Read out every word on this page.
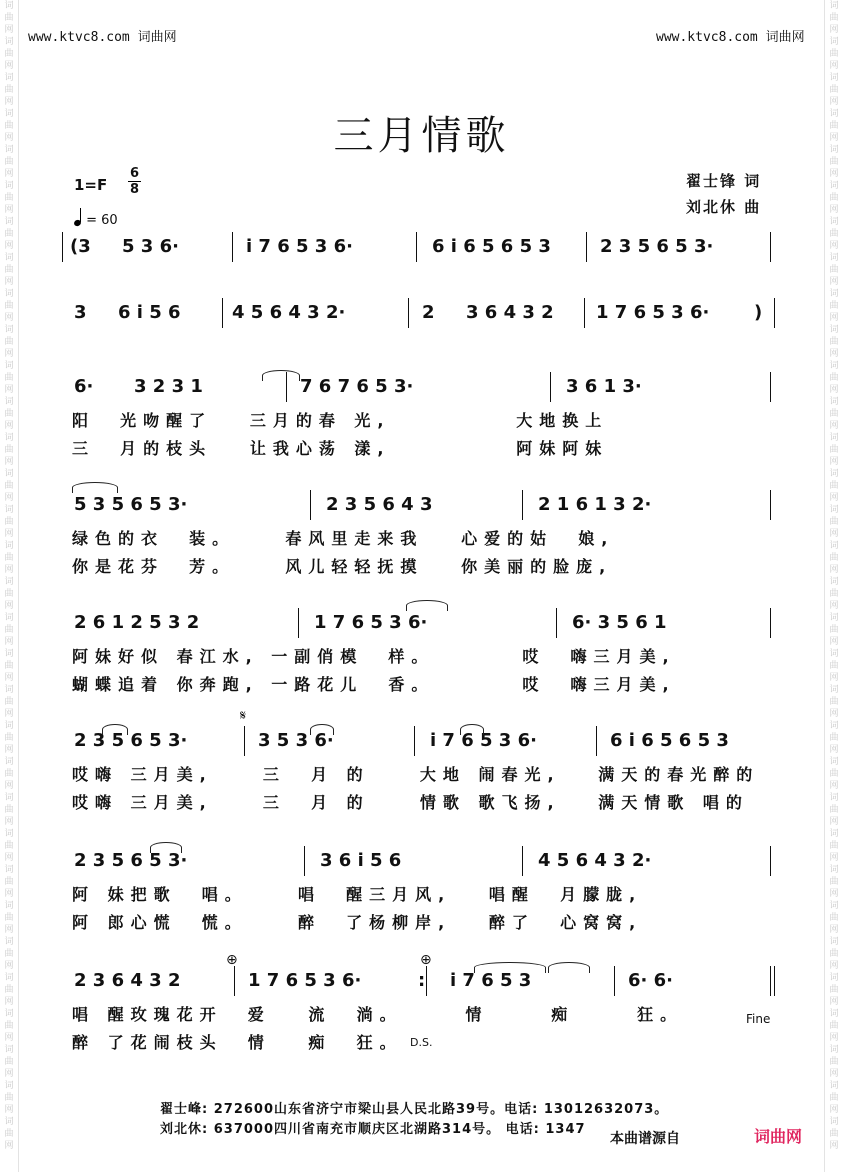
词
曲
网
词
曲
网
词
曲
网
词
曲
网
词
曲
网
词
曲
网
词
曲
网
词
曲
网
词
曲
网
词
曲
网
词
曲
网
词
曲
网
词
曲
网
词
曲
网
词
曲
网
词
曲
网
词
曲
网
词
曲
网
词
曲
网
词
曲
网
词
曲
网
词
曲
网
词
曲
网
词
曲
网
词
曲
网
词
曲
网
词
曲
网
词
曲
网
词
曲
网
词
曲
网
词
曲
网
词
曲
网
词
曲
网
词
曲
网
词
曲
网
词
曲
网
词
曲
网
词
曲
网
词
曲
网
词
曲
网
词
曲
网
词
曲
网
词
曲
网
词
曲
网
词
曲
网
词
曲
网
词
曲
网
词
曲
网
词
曲
网
词
曲
网
词
曲
网
词
曲
网
词
曲
网
词
曲
网
词
曲
网
词
曲
网
词
曲
网
词
曲
网
词
曲
网
词
曲
网
词
曲
网
词
曲
网
词
曲
网
词
曲
网
www.ktvc8.com 词曲网	www.ktvc8.com 词曲网
三月情歌
1=F
6
8
= 60
翟士锋 词
刘北休 曲
(3 5 3 6·	i 7 6 5 3 6·	6 i 6 5 6 5 3	2 3 5 6 5 3·
3 6 i 5 6	4 5 6 4 3 2·	2 3 6 4 3 2 1 7 6 5 3 6· )
6· 3 2 3 1	7 6 7 6 5 3·	3 6 1 3·
阳  光吻醒了   三月的春 光,          大地换上
三  月的枝头   让我心荡 漾,          阿妹阿妹
5 3 5 6 5 3·	2 3 5 6 4 3	2 1 6 1 3 2·
绿色的衣  装。    春风里走来我   心爱的姑  娘,
你是花芬  芳。    风儿轻轻抚摸   你美丽的脸庞,
2 6 1 2 5 3 2	1 7 6 5 3 6·	6· 3 5 6 1
阿妹好似 春江水, 一副俏模  样。       哎  嗨三月美,
蝴蝶追着 你奔跑, 一路花儿  香。       哎  嗨三月美,
2 3 5 6 5 3·	3 5 3 6·	i 7 6 5 3 6·	6 i 6 5 6 5 3
哎嗨 三月美,    三  月 的    大地 闹春光,   满天的春光醉的
哎嗨 三月美,    三  月 的    情歌 歌飞扬,   满天情歌 唱的
2 3 5 6 5 3·	3 6 i 5 6	4 5 6 4 3 2·
阿 妹把歌  唱。    唱  醒三月风,   唱醒  月朦胧,
阿 郎心慌  慌。    醉  了杨柳岸,   醉了  心窝窝,
2 3 6 4 3 2	1 7 6 5 3 6·	: i 7 6 5 3	6· 6·
唱 醒玫瑰花开  爱   流  淌。     情     痴     狂。
醉 了花闹枝头  情   痴  狂。
𝄋
⊕	⊕
Fine
D.S.
翟士峰: 272600山东省济宁市梁山县人民北路39号。电话: 13012632073。
刘北休: 637000四川省南充市顺庆区北湖路314号。 电话: 1347
本曲谱源自	词曲网
